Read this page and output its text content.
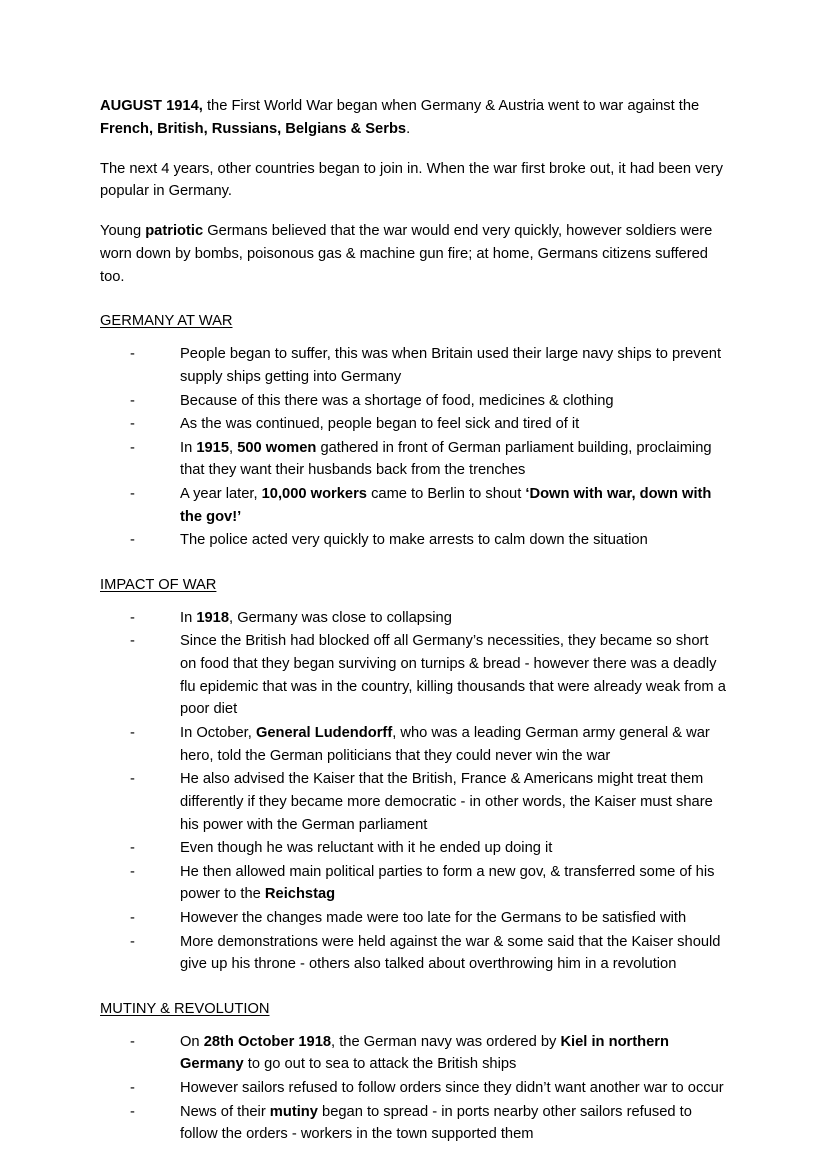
AUGUST 1914, the First World War began when Germany & Austria went to war against the French, British, Russians, Belgians & Serbs.

The next 4 years, other countries began to join in. When the war first broke out, it had been very popular in Germany.

Young patriotic Germans believed that the war would end very quickly, however soldiers were worn down by bombs, poisonous gas & machine gun fire; at home, Germans citizens suffered too.

GERMANY AT WAR
-	People began to suffer, this was when Britain used their large navy ships to prevent supply ships getting into Germany
-	Because of this there was a shortage of food, medicines & clothing
-	As the was continued, people began to feel sick and tired of it
-	In 1915, 500 women gathered in front of German parliament building, proclaiming that they want their husbands back from the trenches
-	A year later, 10,000 workers came to Berlin to shout ‘Down with war, down with the gov!’
-	The police acted very quickly to make arrests to calm down the situation
IMPACT OF WAR
-	In 1918, Germany was close to collapsing
-	Since the British had blocked off all Germany’s necessities, they became so short on food that they began surviving on turnips & bread - however there was a deadly flu epidemic that was in the country, killing thousands that were already weak from a poor diet
-	In October, General Ludendorff, who was a leading German army general & war hero, told the German politicians that they could never win the war
-	He also advised the Kaiser that the British, France & Americans might treat them differently if they became more democratic - in other words, the Kaiser must share his power with the German parliament
-	Even though he was reluctant with it he ended up doing it
-	He then allowed main political parties to form a new gov, & transferred some of his power to the Reichstag
-	However the changes made were too late for the Germans to be satisfied with
-	More demonstrations were held against the war & some said that the Kaiser should give up his throne - others also talked about overthrowing him in a revolution
MUTINY & REVOLUTION
-	On 28th October 1918, the German navy was ordered by Kiel in northern Germany to go out to sea to attack the British ships
-	However sailors refused to follow orders since they didn’t want another war to occur
-	News of their mutiny began to spread - in ports nearby other sailors refused to follow the orders - workers in the town supported them
